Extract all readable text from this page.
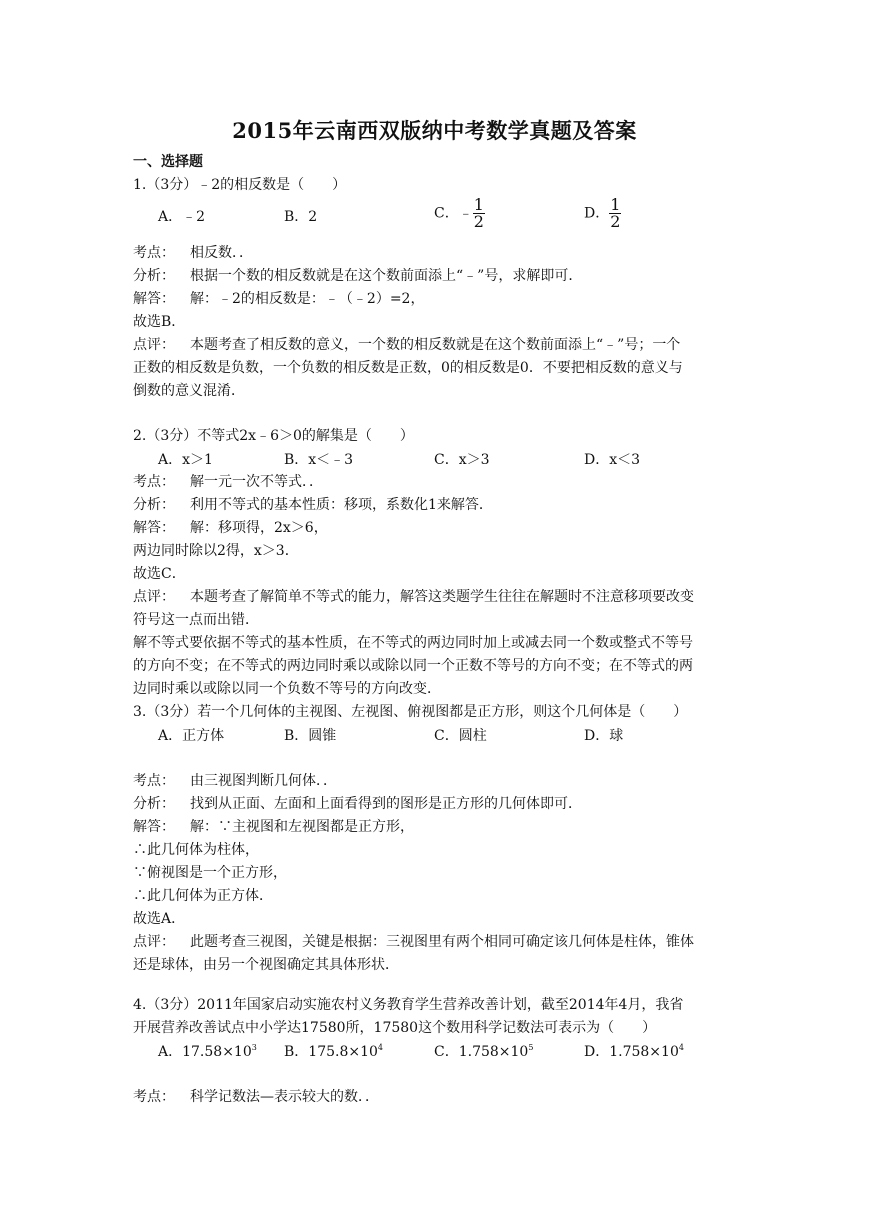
2015年云南西双版纳中考数学真题及答案
一、选择题
1.（3分）﹣2的相反数是（　　）
A．﹣2	B．2	C．﹣ $\frac{1}{2}$	D． $\frac{1}{2}$
考点： 相反数．．
分析： 根据一个数的相反数就是在这个数前面添上“﹣”号，求解即可．
解答： 解：﹣2的相反数是：﹣（﹣2）=2，
故选B．
点评： 本题考查了相反数的意义，一个数的相反数就是在这个数前面添上“﹣”号；一个
正数的相反数是负数，一个负数的相反数是正数，0的相反数是0．不要把相反数的意义与
倒数的意义混淆．
2.（3分）不等式2x﹣6＞0的解集是（　　）
A．x＞1	B．x＜﹣3	C．x＞3	D．x＜3
考点： 解一元一次不等式．．
分析： 利用不等式的基本性质：移项，系数化1来解答．
解答： 解：移项得，2x＞6，
两边同时除以2得，x＞3．
故选C．
点评： 本题考查了解简单不等式的能力，解答这类题学生往往在解题时不注意移项要改变
符号这一点而出错．
解不等式要依据不等式的基本性质，在不等式的两边同时加上或减去同一个数或整式不等号
的方向不变；在不等式的两边同时乘以或除以同一个正数不等号的方向不变；在不等式的两
边同时乘以或除以同一个负数不等号的方向改变．
3.（3分）若一个几何体的主视图、左视图、俯视图都是正方形，则这个几何体是（　　）
A．正方体	B．圆锥	C．圆柱	D．球
考点： 由三视图判断几何体．．
分析： 找到从正面、左面和上面看得到的图形是正方形的几何体即可．
解答： 解：∵主视图和左视图都是正方形，
∴此几何体为柱体，
∵俯视图是一个正方形，
∴此几何体为正方体．
故选A．
点评： 此题考查三视图，关键是根据：三视图里有两个相同可确定该几何体是柱体，锥体
还是球体，由另一个视图确定其具体形状．
4.（3分）2011年国家启动实施农村义务教育学生营养改善计划，截至2014年4月，我省
开展营养改善试点中小学达17580所，17580这个数用科学记数法可表示为（　　）
A．$17.58\times 10^3$ B．$175.8\times 10^4$	C．$1.758\times 10^5$	D．$1.758\times 10^4$
考点： 科学记数法—表示较大的数．．
